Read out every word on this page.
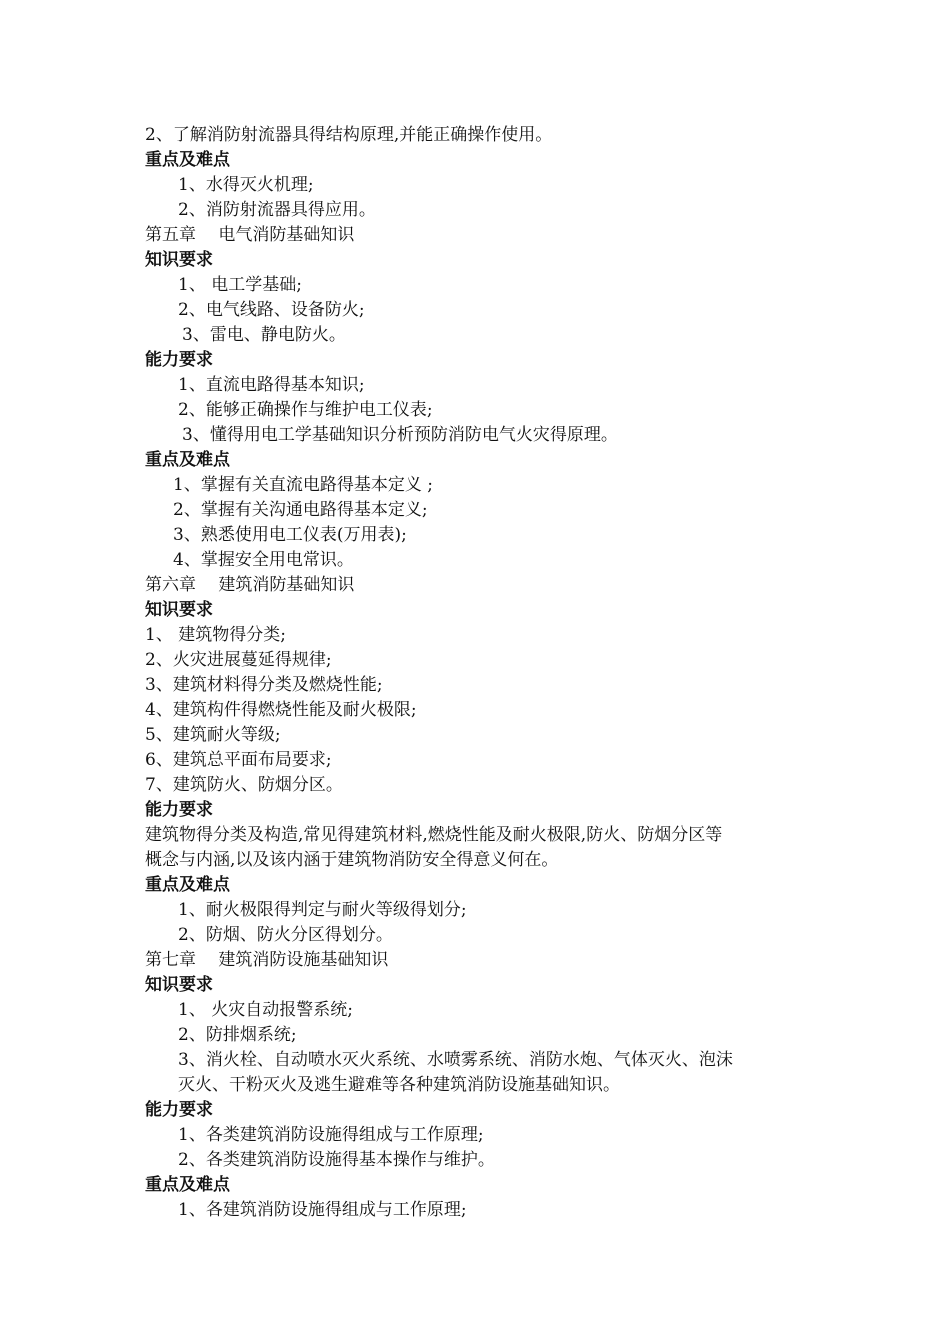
2、了解消防射流器具得结构原理,并能正确操作使用。
重点及难点
1、水得灭火机理;
2、消防射流器具得应用。
第五章　 电气消防基础知识
知识要求
1、 电工学基础;
2、电气线路、设备防火;
3、雷电、静电防火。
能力要求
1、直流电路得基本知识;
2、能够正确操作与维护电工仪表;
3、懂得用电工学基础知识分析预防消防电气火灾得原理。
重点及难点
1、掌握有关直流电路得基本定义 ;
2、掌握有关沟通电路得基本定义;
3、熟悉使用电工仪表(万用表);
4、掌握安全用电常识。
第六章　 建筑消防基础知识
知识要求
1、 建筑物得分类;
2、火灾进展蔓延得规律;
3、建筑材料得分类及燃烧性能;
4、建筑构件得燃烧性能及耐火极限;
5、建筑耐火等级;
6、建筑总平面布局要求;
7、建筑防火、防烟分区。
能力要求
建筑物得分类及构造,常见得建筑材料,燃烧性能及耐火极限,防火、防烟分区等
概念与内涵,以及该内涵于建筑物消防安全得意义何在。
重点及难点
1、耐火极限得判定与耐火等级得划分;
2、防烟、防火分区得划分。
第七章　 建筑消防设施基础知识
知识要求
1、 火灾自动报警系统;
2、防排烟系统;
3、消火栓、自动喷水灭火系统、水喷雾系统、消防水炮、气体灭火、泡沫
灭火、干粉灭火及逃生避难等各种建筑消防设施基础知识。
能力要求
1、各类建筑消防设施得组成与工作原理;
2、各类建筑消防设施得基本操作与维护。
重点及难点
1、各建筑消防设施得组成与工作原理;
